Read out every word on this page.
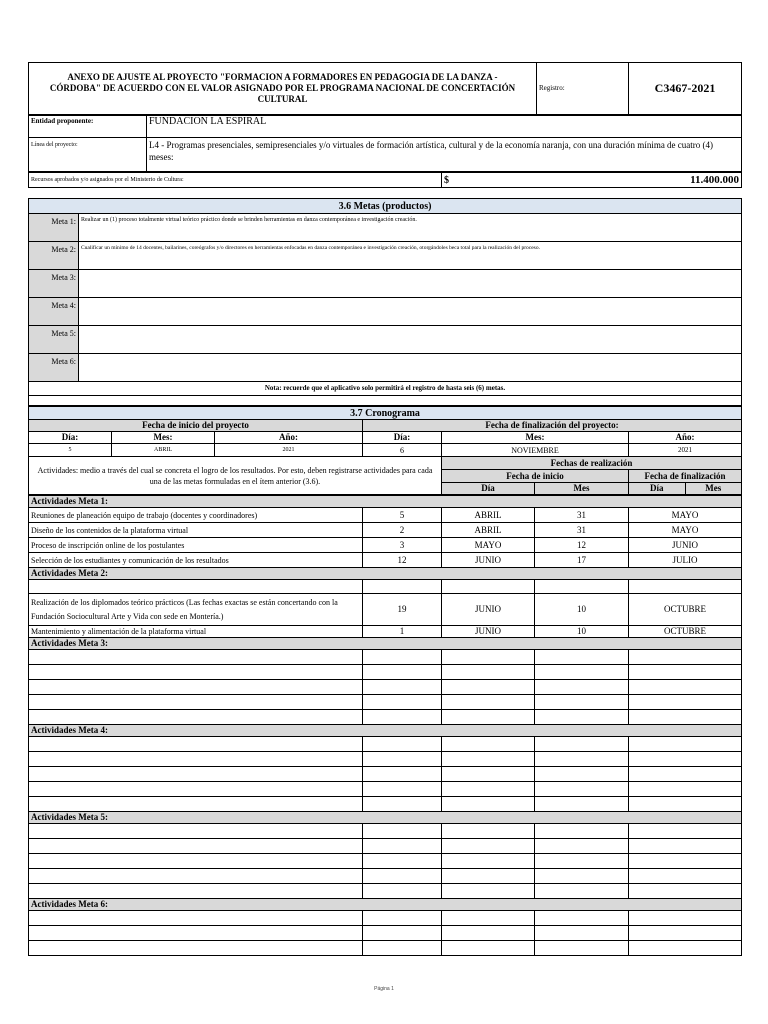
ANEXO DE AJUSTE AL PROYECTO "FORMACION A FORMADORES EN PEDAGOGIA DE LA DANZA - CÓRDOBA" DE ACUERDO CON EL VALOR ASIGNADO POR EL PROGRAMA NACIONAL DE CONCERTACIÓN CULTURAL	Registro:	C3467-2021
Entidad proponente:	FUNDACION LA ESPIRAL
Línea del proyecto:	L4 - Programas presenciales, semipresenciales y/o virtuales de formación artística, cultural y de la economía naranja, con una duración mínima de cuatro (4) meses:
Recursos aprobados y/o asignados por el Ministerio de Cultura:	$	11.400.000
3.6 Metas (productos)	
Meta 1:	Realizar un (1) proceso totalmente virtual teórico práctico donde se brinden herramientas en danza contemporánea e investigación creación.
Meta 2:	Cualificar un mínimo de 14 docentes, bailarines, coreógrafos y/o directores en herramientas enfocadas en danza contemporánea e investigación creación, otorgándoles beca total para la realización del proceso.
Meta 3:	
Meta 4:	
Meta 5:	
Meta 6:	
Nota: recuerde que el aplicativo solo permitirá el registro de hasta seis (6) metas.	

3.7 Cronograma						
Fecha de inicio del proyecto			Fecha de finalización del proyecto:			
Día:	Mes:	Año:	Día:	Mes:		Año:
5	ABRIL	2021	6	NOVIEMBRE		2021
Actividades: medio a través del cual se concreta el logro de los resultados. Por esto, deben registrarse actividades para cada una de las metas formuladas en el ítem anterior (3.6).				Fechas de realización		
				Fecha de inicio		Fecha de finalización
				Día	Mes	Día Mes
Actividades Meta 1:				
Reuniones de planeación equipo de trabajo (docentes y coordinadores)	5	ABRIL	31	MAYO
Diseño de los contenidos de la plataforma virtual	2	ABRIL	31	MAYO
Proceso de inscripción online de los postulantes	3	MAYO	12	JUNIO
Selección de los estudiantes y comunicación de los resultados	12	JUNIO	17	JULIO
Actividades Meta 2:				

Realización de los diplomados teórico prácticos (Las fechas exactas se están concertando con la Fundación Sociocultural Arte y Vida con sede en Montería.)	19	JUNIO	10	OCTUBRE
Mantenimiento y alimentación de la plataforma virtual	1	JUNIO	10	OCTUBRE
Actividades Meta 3:				

Actividades Meta 4:				

Actividades Meta 5:				

Actividades Meta 6:				

Página 1
